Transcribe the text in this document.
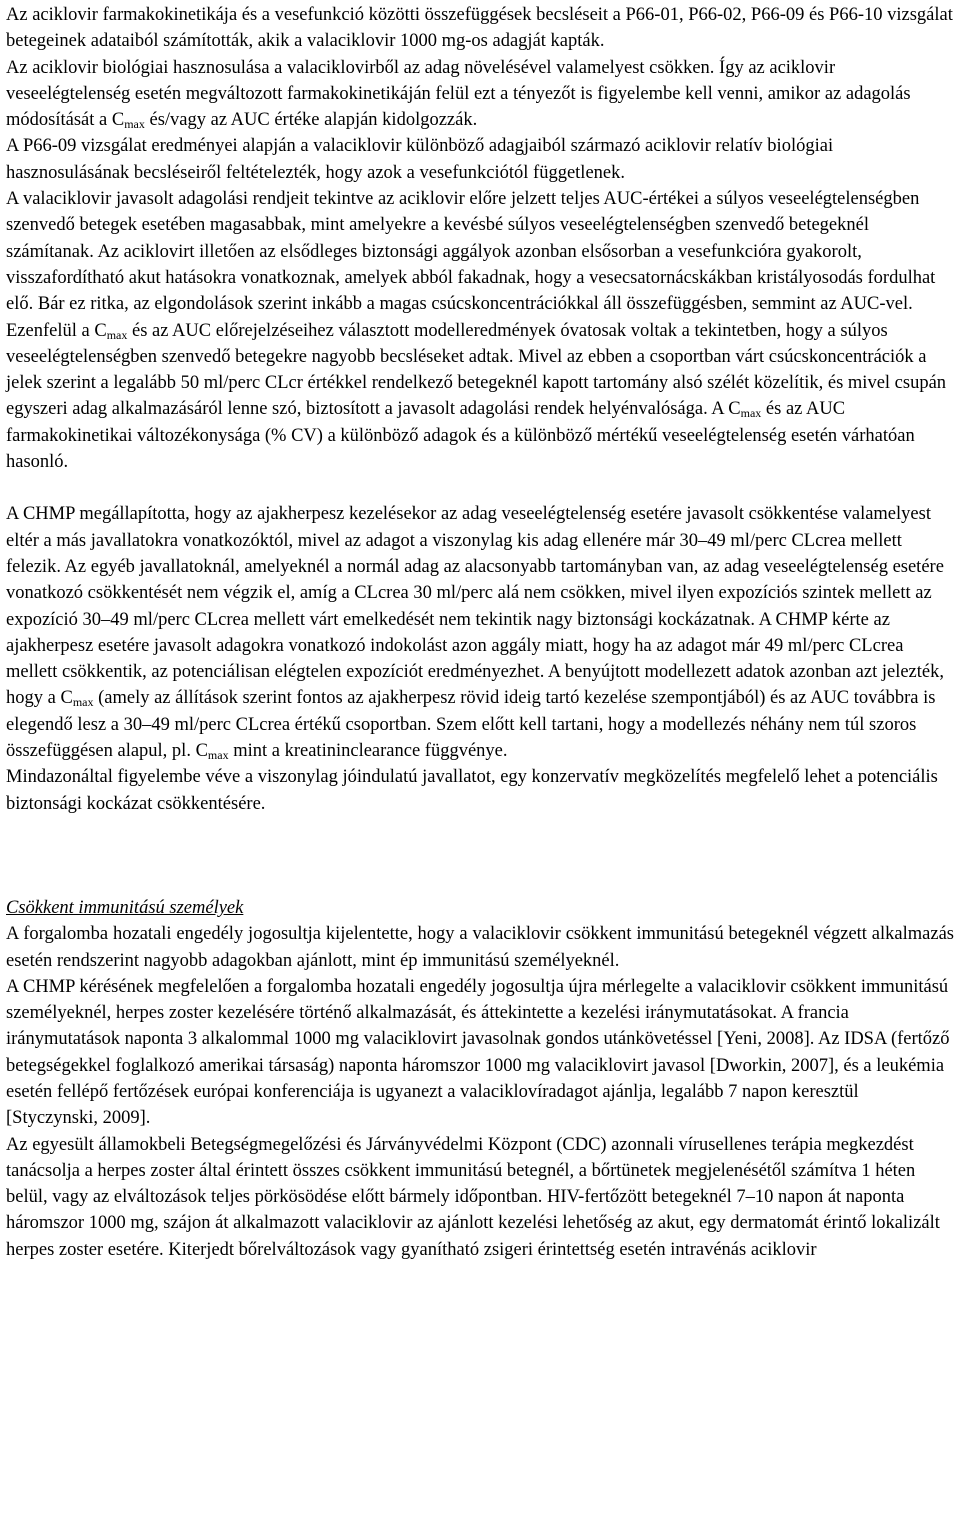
Az aciklovir farmakokinetikája és a vesefunkció közötti összefüggések becsléseit a P66-01, P66-02, P66-09 és P66-10 vizsgálat betegeinek adataiból számították, akik a valaciklovir 1000 mg-os adagját kapták.

Az aciklovir biológiai hasznosulása a valaciklovirből az adag növelésével valamelyest csökken. Így az aciklovir veseelégtelenség esetén megváltozott farmakokinetikáján felül ezt a tényezőt is figyelembe kell venni, amikor az adagolás módosítását a $C_{max}$ és/vagy az AUC értéke alapján kidolgozzák.

A P66-09 vizsgálat eredményei alapján a valaciklovir különböző adagjaiból származó aciklovir relatív biológiai hasznosulásának becsléseiről feltételezték, hogy azok a vesefunkciótól függetlenek.

A valaciklovir javasolt adagolási rendjeit tekintve az aciklovir előre jelzett teljes AUC-értékei a súlyos veseelégtelenségben szenvedő betegek esetében magasabbak, mint amelyekre a kevésbé súlyos veseelégtelenségben szenvedő betegeknél számítanak. Az aciklovirt illetően az elsődleges biztonsági aggályok azonban elsősorban a vesefunkcióra gyakorolt, visszafordítható akut hatásokra vonatkoznak, amelyek abból fakadnak, hogy a vesecsatornácskákban kristályosodás fordulhat elő. Bár ez ritka, az elgondolások szerint inkább a magas csúcskoncentrációkkal áll összefüggésben, semmint az AUC-vel. Ezenfelül a $C_{max}$ és az AUC előrejelzéseihez választott modelleredmények óvatosak voltak a tekintetben, hogy a súlyos veseelégtelenségben szenvedő betegekre nagyobb becsléseket adtak. Mivel az ebben a csoportban várt csúcskoncentrációk a jelek szerint a legalább 50 ml/perc CLcr értékkel rendelkező betegeknél kapott tartomány alsó szélét közelítik, és mivel csupán egyszeri adag alkalmazásáról lenne szó, biztosított a javasolt adagolási rendek helyénvalósága. A $C_{max}$ és az AUC farmakokinetikai változékonysága (% CV) a különböző adagok és a különböző mértékű veseelégtelenség esetén várhatóan hasonló.

A CHMP megállapította, hogy az ajakherpesz kezelésekor az adag veseelégtelenség esetére javasolt csökkentése valamelyest eltér a más javallatokra vonatkozóktól, mivel az adagot a viszonylag kis adag ellenére már 30–49 ml/perc CLcrea mellett felezik. Az egyéb javallatoknál, amelyeknél a normál adag az alacsonyabb tartományban van, az adag veseelégtelenség esetére vonatkozó csökkentését nem végzik el, amíg a CLcrea 30 ml/perc alá nem csökken, mivel ilyen expozíciós szintek mellett az expozíció 30–49 ml/perc CLcrea mellett várt emelkedését nem tekintik nagy biztonsági kockázatnak. A CHMP kérte az ajakherpesz esetére javasolt adagokra vonatkozó indokolást azon aggály miatt, hogy ha az adagot már 49 ml/perc CLcrea mellett csökkentik, az potenciálisan elégtelen expozíciót eredményezhet. A benyújtott modellezett adatok azonban azt jelezték, hogy a $C_{max}$ (amely az állítások szerint fontos az ajakherpesz rövid ideig tartó kezelése szempontjából) és az AUC továbbra is elegendő lesz a 30–49 ml/perc CLcrea értékű csoportban. Szem előtt kell tartani, hogy a modellezés néhány nem túl szoros összefüggésen alapul, pl. $C_{max}$ mint a kreatininclearance függvénye.

Mindazonáltal figyelembe véve a viszonylag jóindulatú javallatot, egy konzervatív megközelítés megfelelő lehet a potenciális biztonsági kockázat csökkentésére.

Csökkent immunitású személyek

A forgalomba hozatali engedély jogosultja kijelentette, hogy a valaciklovir csökkent immunitású betegeknél végzett alkalmazás esetén rendszerint nagyobb adagokban ajánlott, mint ép immunitású személyeknél.

A CHMP kérésének megfelelően a forgalomba hozatali engedély jogosultja újra mérlegelte a valaciklovir csökkent immunitású személyeknél, herpes zoster kezelésére történő alkalmazását, és áttekintette a kezelési iránymutatásokat. A francia iránymutatások naponta 3 alkalommal 1000 mg valaciklovirt javasolnak gondos utánkövetéssel [Yeni, 2008]. Az IDSA (fertőző betegségekkel foglalkozó amerikai társaság) naponta háromszor 1000 mg valaciklovirt javasol [Dworkin, 2007], és a leukémia esetén fellépő fertőzések európai konferenciája is ugyanezt a valaciklovíradagot ajánlja, legalább 7 napon keresztül [Styczynski, 2009].

Az egyesült államokbeli Betegségmegelőzési és Járványvédelmi Központ (CDC) azonnali vírusellenes terápia megkezdést tanácsolja a herpes zoster által érintett összes csökkent immunitású betegnél, a bőrtünetek megjelenésétől számítva 1 héten belül, vagy az elváltozások teljes pörkösödése előtt bármely időpontban. HIV-fertőzött betegeknél 7–10 napon át naponta háromszor 1000 mg, szájon át alkalmazott valaciklovir az ajánlott kezelési lehetőség az akut, egy dermatomát érintő lokalizált herpes zoster esetére. Kiterjedt bőrelváltozások vagy gyanítható zsigeri érintettség esetén intravénás aciklovir
